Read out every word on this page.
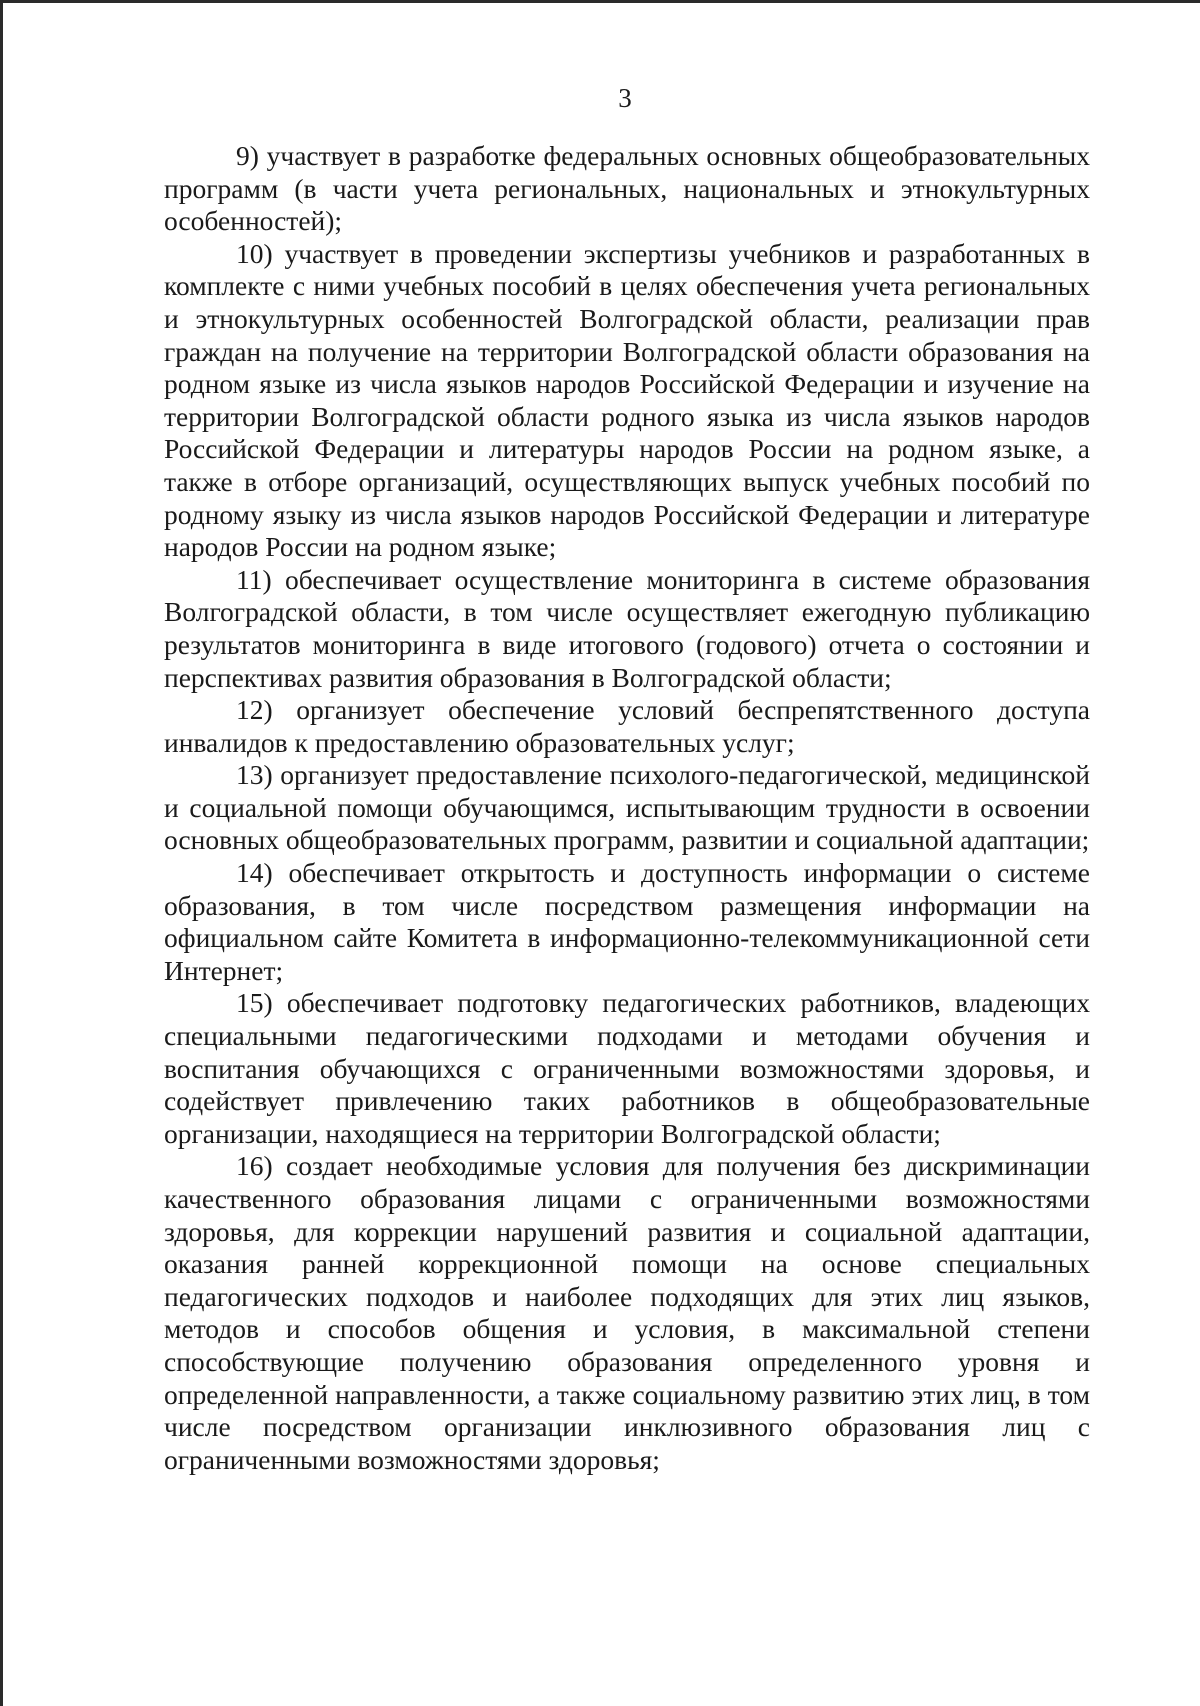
3

9) участвует в разработке федеральных основных общеобразовательных программ (в части учета региональных, национальных и этнокультурных особенностей);

10) участвует в проведении экспертизы учебников и разработанных в комплекте с ними учебных пособий в целях обеспечения учета региональных и этнокультурных особенностей Волгоградской области, реализации прав граждан на получение на территории Волгоградской области образования на родном языке из числа языков народов Российской Федерации и изучение на территории Волгоградской области родного языка из числа языков народов Российской Федерации и литературы народов России на родном языке, а также в отборе организаций, осуществляющих выпуск учебных пособий по родному языку из числа языков народов Российской Федерации и литературе народов России на родном языке;

11) обеспечивает осуществление мониторинга в системе образования Волгоградской области, в том числе осуществляет ежегодную публикацию результатов мониторинга в виде итогового (годового) отчета о состоянии и перспективах развития образования в Волгоградской области;

12) организует обеспечение условий беспрепятственного доступа инвалидов к предоставлению образовательных услуг;

13) организует предоставление психолого-педагогической, медицинской и социальной помощи обучающимся, испытывающим трудности в освоении основных общеобразовательных программ, развитии и социальной адаптации;

14) обеспечивает открытость и доступность информации о системе образования, в том числе посредством размещения информации на официальном сайте Комитета в информационно-телекоммуникационной сети Интернет;

15) обеспечивает подготовку педагогических работников, владеющих специальными педагогическими подходами и методами обучения и воспитания обучающихся с ограниченными возможностями здоровья, и содействует привлечению таких работников в общеобразовательные организации, находящиеся на территории Волгоградской области;

16) создает необходимые условия для получения без дискриминации качественного образования лицами с ограниченными возможностями здоровья, для коррекции нарушений развития и социальной адаптации, оказания ранней коррекционной помощи на основе специальных педагогических подходов и наиболее подходящих для этих лиц языков, методов и способов общения и условия, в максимальной степени способствующие получению образования определенного уровня и определенной направленности, а также социальному развитию этих лиц, в том числе посредством организации инклюзивного образования лиц с ограниченными возможностями здоровья;
